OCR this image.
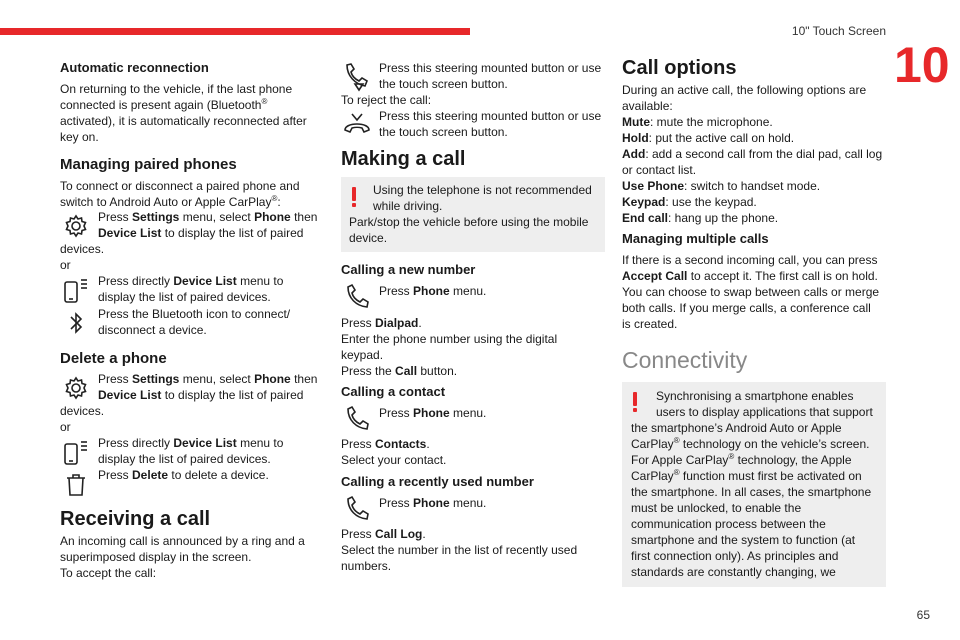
10" Touch Screen
10
65
Automatic reconnection
On returning to the vehicle, if the last phone
connected is present again (Bluetooth®
activated), it is automatically reconnected after
key on.
Managing paired phones
To connect or disconnect a paired phone and
switch to Android Auto or Apple CarPlay®:
Press Settings menu, select Phone then
Device List to display the list of paired
devices.
or
Press directly Device List menu to
display the list of paired devices.
Press the Bluetooth icon to connect/
disconnect a device.
Delete a phone
Press Settings menu, select Phone then
Device List to display the list of paired
devices.
or
Press directly Device List menu to
display the list of paired devices.
Press Delete to delete a device.
Receiving a call
An incoming call is announced by a ring and a
superimposed display in the screen.
To accept the call:
Press this steering mounted button or use
the touch screen button.
To reject the call:
Press this steering mounted button or use
the touch screen button.
Making a call
Using the telephone is not recommended
while driving.
Park/stop the vehicle before using the mobile
device.
Calling a new number
Press Phone menu.
Press Dialpad.
Enter the phone number using the digital
keypad.
Press the Call button.
Calling a contact
Press Phone menu.
Press Contacts.
Select your contact.
Calling a recently used number
Press Phone menu.
Press Call Log.
Select the number in the list of recently used
numbers.
Call options
During an active call, the following options are
available:
Mute: mute the microphone.
Hold: put the active call on hold.
Add: add a second call from the dial pad, call log
or contact list.
Use Phone: switch to handset mode.
Keypad: use the keypad.
End call: hang up the phone.
Managing multiple calls
If there is a second incoming call, you can press
Accept Call to accept it. The first call is on hold.
You can choose to swap between calls or merge
both calls. If you merge calls, a conference call
is created.
Connectivity
Synchronising a smartphone enables
users to display applications that support
the smartphone’s Android Auto or Apple
CarPlay® technology on the vehicle’s screen.
For Apple CarPlay® technology, the Apple
CarPlay® function must first be activated on
the smartphone. In all cases, the smartphone
must be unlocked, to enable the
communication process between the
smartphone and the system to function (at
first connection only). As principles and
standards are constantly changing, we
